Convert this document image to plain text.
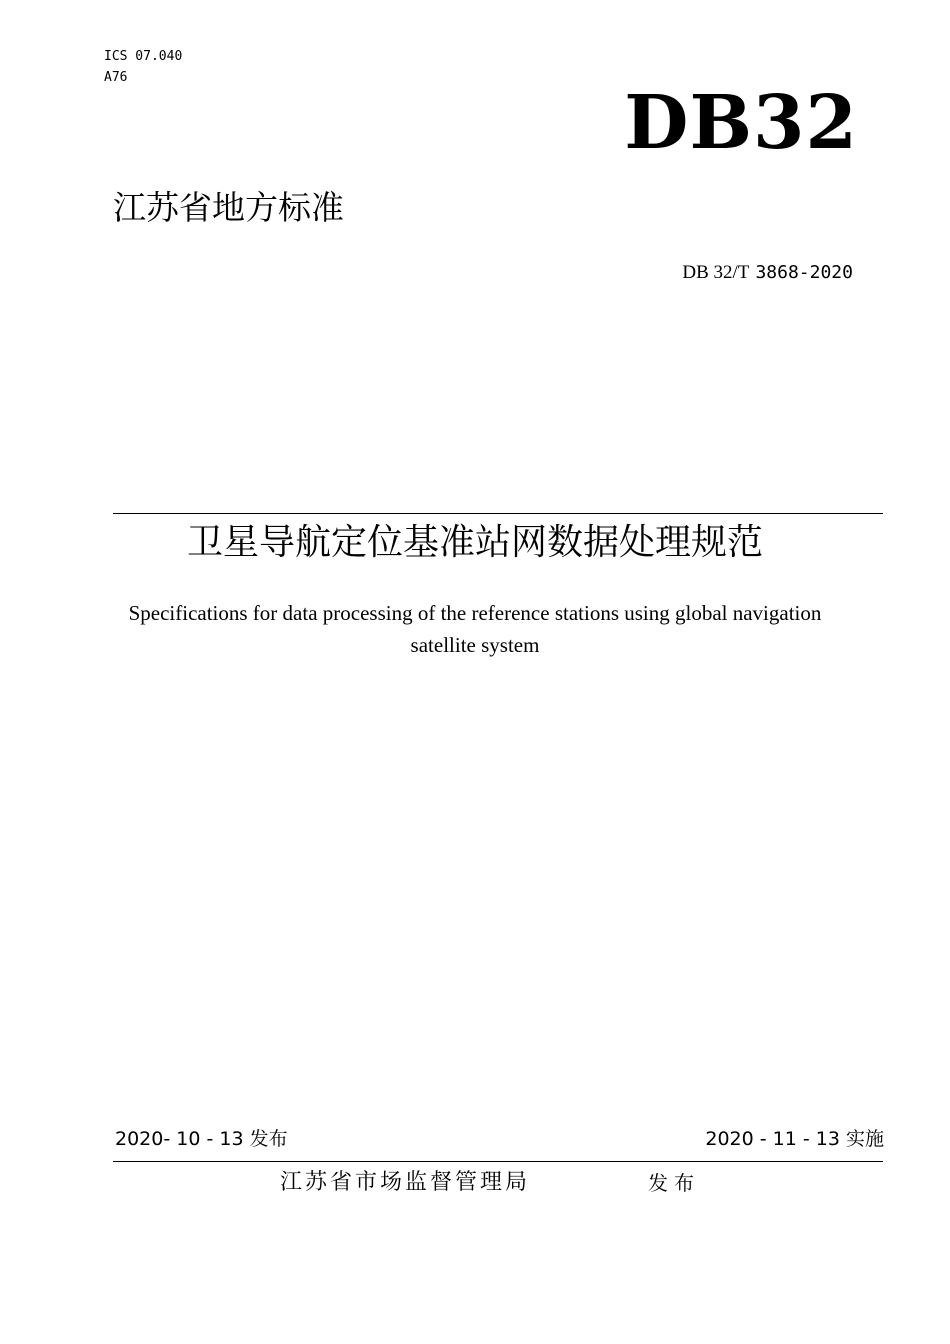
ICS 07.040
A76
DB32
江苏省地方标准
DB 32/T 3868-2020
卫星导航定位基准站网数据处理规范
Specifications for data processing of the reference stations using global navigation
satellite system
2020- 10 - 13 发布	2020 - 11 - 13 实施
江苏省市场监督管理局	发布
